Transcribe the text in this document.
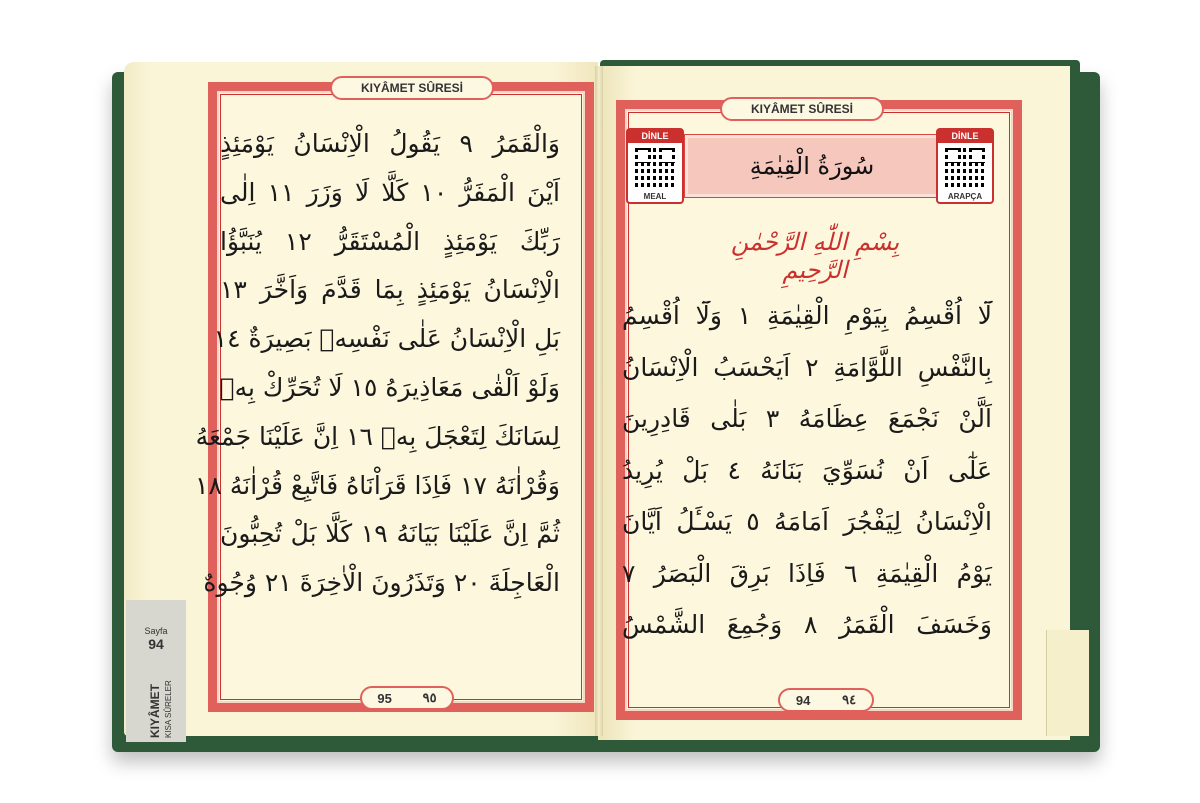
KIYÂMET SÛRESİ
KIYÂMET SÛRESİ
وَالْقَمَرُ ٩ يَقُولُ الْاِنْسَانُ يَوْمَئِذٍ
اَيْنَ الْمَفَرُّ ١٠ كَلَّا لَا وَزَرَ ١١ اِلٰى
رَبِّكَ يَوْمَئِذٍ الْمُسْتَقَرُّ ١٢ يُنَبَّؤُا
الْاِنْسَانُ يَوْمَئِذٍ بِمَا قَدَّمَ وَاَخَّرَ ١٣
بَلِ الْاِنْسَانُ عَلٰى نَفْسِهٖ بَصِيرَةٌ ١٤
وَلَوْ اَلْقٰى مَعَاذِيرَهُ ١٥ لَا تُحَرِّكْ بِهٖ
لِسَانَكَ لِتَعْجَلَ بِهٖ ١٦ اِنَّ عَلَيْنَا جَمْعَهُ
وَقُرْاٰنَهُ ١٧ فَاِذَا قَرَاْنَاهُ فَاتَّبِعْ قُرْاٰنَهُ ١٨
ثُمَّ اِنَّ عَلَيْنَا بَيَانَهُ ١٩ كَلَّا بَلْ تُحِبُّونَ
الْعَاجِلَةَ ٢٠ وَتَذَرُونَ الْاٰخِرَةَ ٢١ وُجُوهٌ
سُورَةُ الْقِيٰمَةِ
DİNLE
MEAL
DİNLE
ARAPÇA
بِسْمِ اللّٰهِ الرَّحْمٰنِ الرَّحِيمِ
لَٓا اُقْسِمُ بِيَوْمِ الْقِيٰمَةِ ١ وَلَٓا اُقْسِمُ
بِالنَّفْسِ اللَّوَّامَةِ ٢ اَيَحْسَبُ الْاِنْسَانُ
اَلَّنْ نَجْمَعَ عِظَامَهُ ٣ بَلٰى قَادِرِينَ
عَلٰٓى اَنْ نُسَوِّيَ بَنَانَهُ ٤ بَلْ يُرِيدُ
الْاِنْسَانُ لِيَفْجُرَ اَمَامَهُ ٥ يَسْـَٔلُ اَيَّانَ
يَوْمُ الْقِيٰمَةِ ٦ فَاِذَا بَرِقَ الْبَصَرُ ٧
وَخَسَفَ الْقَمَرُ ٨ وَجُمِعَ الشَّمْسُ
95 ٩٥	94 ٩٤
Sayfa
94
KIYÂMET KISA SÛRELER
